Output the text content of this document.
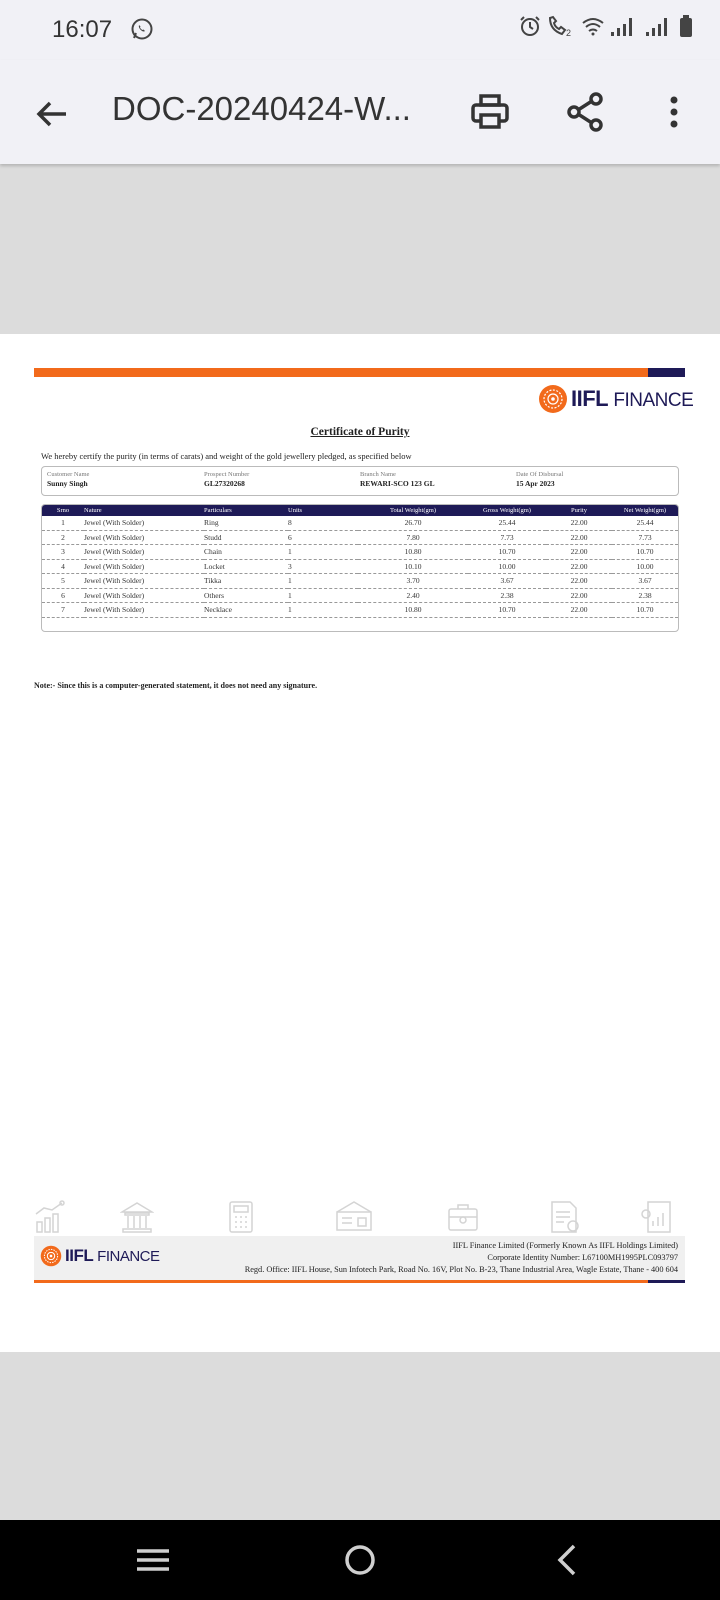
16:07
	2

DOC-20240424-W...
IIFL FINANCE
Certificate of Purity
We hereby certify the purity (in terms of carats) and weight of the gold jewellery pledged, as specified below
Customer Name
Sunny Singh
Prospect Number
GL27320268
Branch Name
REWARI-SCO 123 GL
Date Of Disbursal
15 Apr 2023
Srno	Nature	Particulars	Units	Total Weight(gm)	Gross Weight(gm)	Purity	Net Weight(gm)
1	Jewel (With Solder)	Ring	8	26.70	25.44	22.00	25.44
2	Jewel (With Solder)	Studd	6	7.80	7.73	22.00	7.73
3	Jewel (With Solder)	Chain	1	10.80	10.70	22.00	10.70
4	Jewel (With Solder)	Locket	3	10.10	10.00	22.00	10.00
5	Jewel (With Solder)	Tikka	1	3.70	3.67	22.00	3.67
6	Jewel (With Solder)	Others	1	2.40	2.38	22.00	2.38
7	Jewel (With Solder)	Necklace	1	10.80	10.70	22.00	10.70

Note:- Since this is a computer-generated statement, it does not need any signature.
IIFL FINANCE
IIFL Finance Limited (Formerly Known As IIFL Holdings Limited)
Corporate Identity Number: L67100MH1995PLC093797
Regd. Office: IIFL House, Sun Infotech Park, Road No. 16V, Plot No. B-23, Thane Industrial Area, Wagle Estate, Thane - 400 604
